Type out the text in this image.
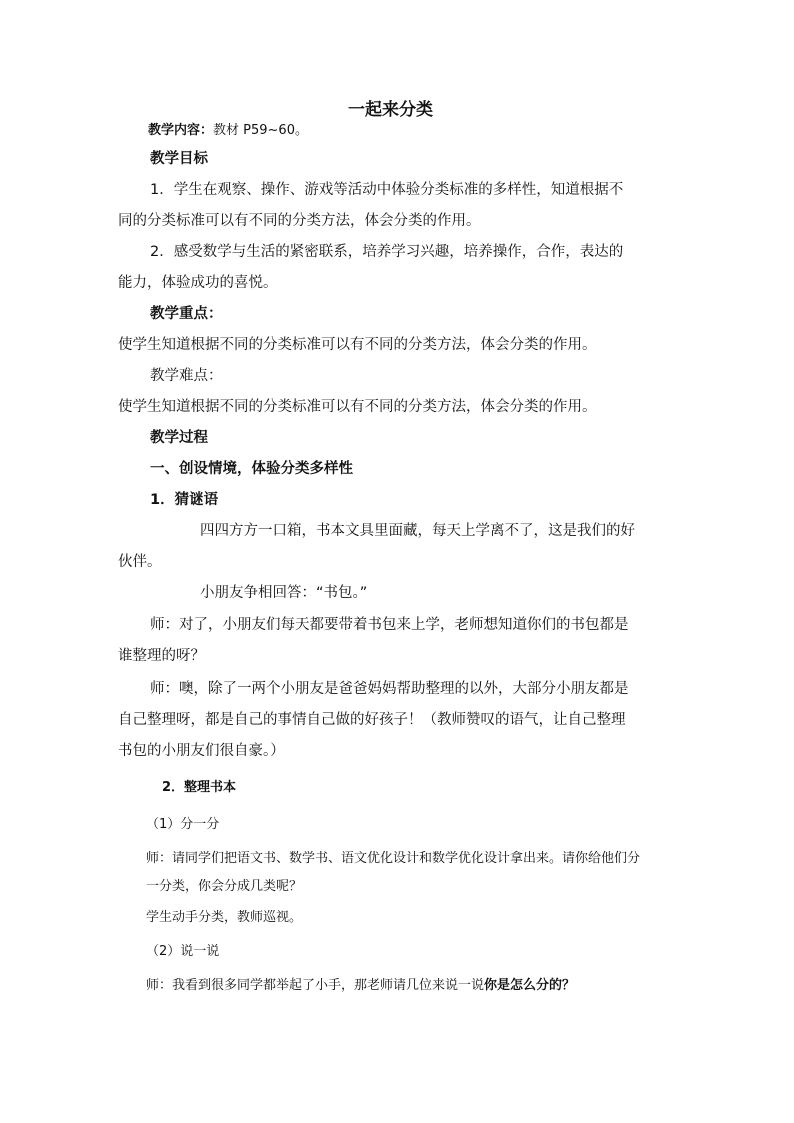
一起来分类
教学内容：教材 P59~60。
教学目标
1．学生在观察、操作、游戏等活动中体验分类标准的多样性，知道根据不
同的分类标准可以有不同的分类方法，体会分类的作用。
2．感受数学与生活的紧密联系，培养学习兴趣，培养操作，合作，表达的
能力，体验成功的喜悦。
教学重点：
使学生知道根据不同的分类标准可以有不同的分类方法，体会分类的作用。
教学难点：
使学生知道根据不同的分类标准可以有不同的分类方法，体会分类的作用。
教学过程
一、创设情境，体验分类多样性
1．猜谜语
四四方方一口箱，书本文具里面藏，每天上学离不了，这是我们的好
伙伴。
小朋友争相回答：“书包。”
师：对了，小朋友们每天都要带着书包来上学，老师想知道你们的书包都是
谁整理的呀？
师：噢，除了一两个小朋友是爸爸妈妈帮助整理的以外，大部分小朋友都是
自己整理呀，都是自己的事情自己做的好孩子！（教师赞叹的语气，让自己整理
书包的小朋友们很自豪。）
2．整理书本
（1）分一分
师：请同学们把语文书、数学书、语文优化设计和数学优化设计拿出来。请你给他们分
一分类，你会分成几类呢？
学生动手分类，教师巡视。
（2）说一说
师：我看到很多同学都举起了小手，那老师请几位来说一说你是怎么分的？
